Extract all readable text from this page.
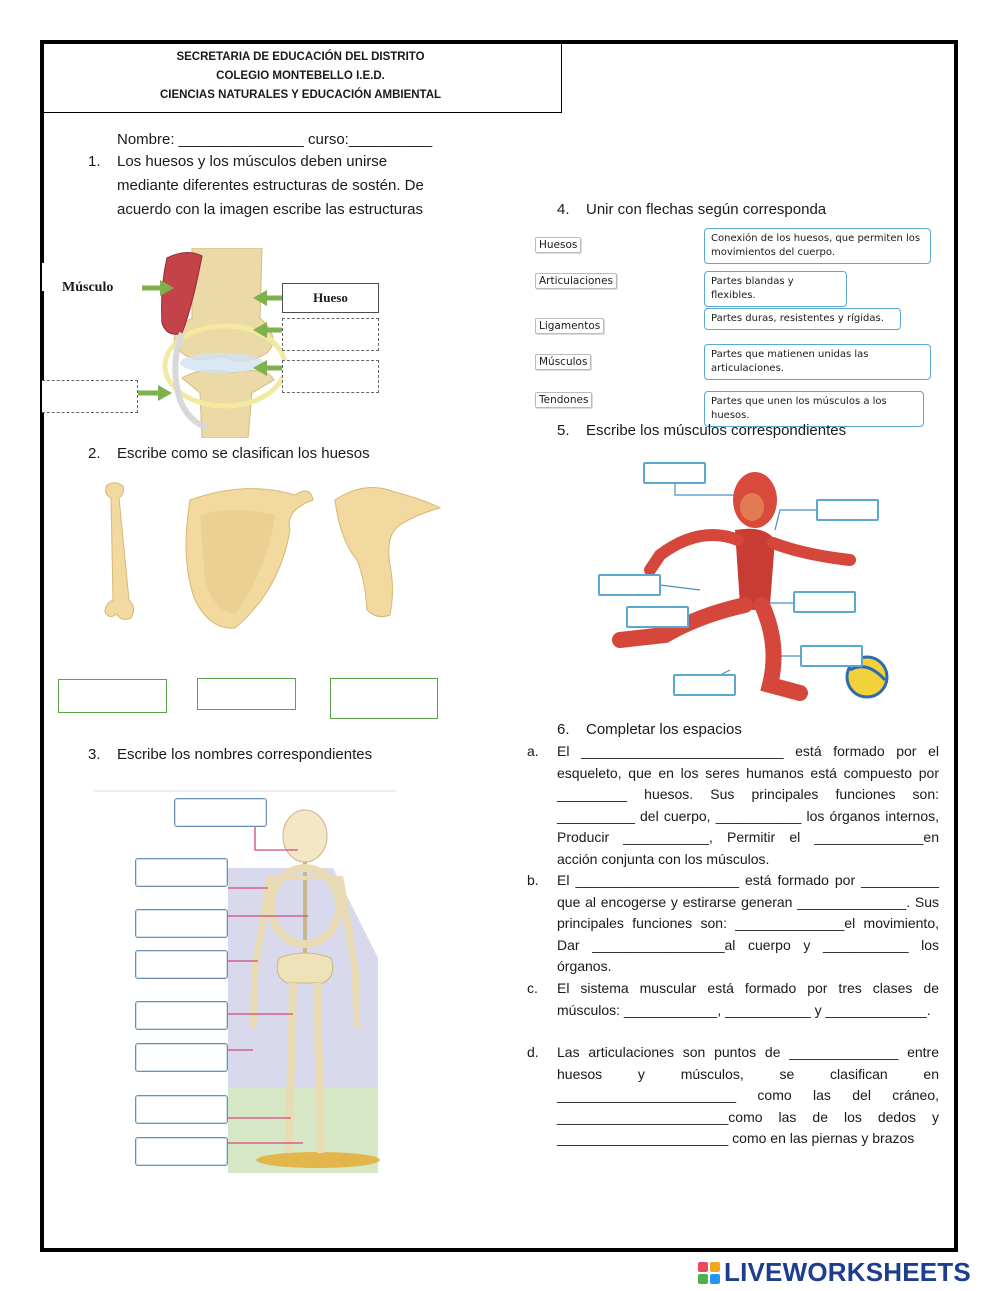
SECRETARIA DE EDUCACIÓN DEL DISTRITO
COLEGIO MONTEBELLO I.E.D.
CIENCIAS NATURALES Y EDUCACIÓN AMBIENTAL
Nombre: _______________ curso:__________
1. Los huesos y los músculos deben unirse
mediante diferentes estructuras de sostén. De
acuerdo con la imagen escribe las estructuras
Músculo
Hueso
2. Escribe como se clasifican los huesos
3. Escribe los nombres correspondientes
4. Unir con flechas según corresponda
Huesos
Articulaciones
Ligamentos
Músculos
Tendones
Conexión de los huesos, que permiten los movimientos del cuerpo.
Partes blandas y flexibles.
Partes duras, resistentes y rígidas.
Partes que matienen unidas las articulaciones.
Partes que unen los músculos a los huesos.
5. Escribe los músculos correspondientes
6. Completar los espacios
a. El __________________________ está formado por el esqueleto, que en los seres humanos está compuesto por _________ huesos. Sus principales funciones son: __________ del cuerpo, ___________ los órganos internos, Producir ___________, Permitir el ______________en acción conjunta con los músculos.
b. El _____________________ está formado por __________ que al encogerse y estirarse generan ______________. Sus principales funciones son: ______________el movimiento, Dar _________________al cuerpo y ___________ los órganos.
c. El sistema muscular está formado por tres clases de músculos: ____________, ___________ y _____________.
d. Las articulaciones son puntos de ______________ entre huesos y músculos, se clasifican en _______________________ como las del cráneo, ______________________como las de los dedos y ______________________ como en las piernas y brazos
LIVEWORKSHEETS
